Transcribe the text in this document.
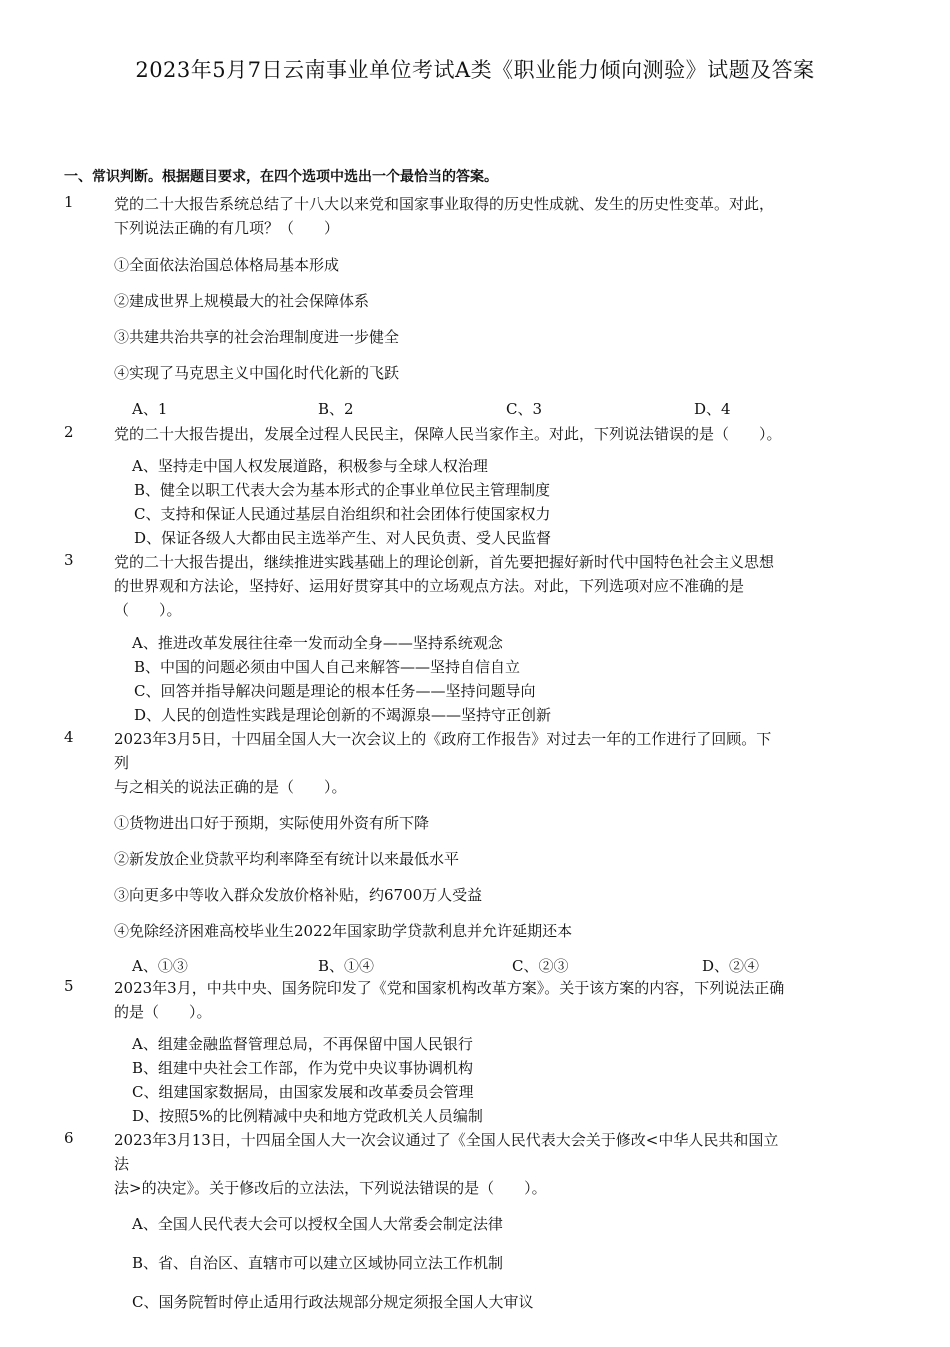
2023年5月7日云南事业单位考试A类《职业能力倾向测验》试题及答案
一、常识判断。根据题目要求，在四个选项中选出一个最恰当的答案。
1	党的二十大报告系统总结了十八大以来党和国家事业取得的历史性成就、发生的历史性变革。对此，
下列说法正确的有几项？（　　）
①全面依法治国总体格局基本形成
②建成世界上规模最大的社会保障体系
③共建共治共享的社会治理制度进一步健全
④实现了马克思主义中国化时代化新的飞跃
A、1	B、2	C、3	D、4
2	党的二十大报告提出，发展全过程人民民主，保障人民当家作主。对此，下列说法错误的是（　　）。
A、坚持走中国人权发展道路，积极参与全球人权治理
B、健全以职工代表大会为基本形式的企事业单位民主管理制度
C、支持和保证人民通过基层自治组织和社会团体行使国家权力
D、保证各级人大都由民主选举产生、对人民负责、受人民监督
3	党的二十大报告提出，继续推进实践基础上的理论创新，首先要把握好新时代中国特色社会主义思想
的世界观和方法论，坚持好、运用好贯穿其中的立场观点方法。对此，下列选项对应不准确的是
（　　）。
A、推进改革发展往往牵一发而动全身——坚持系统观念
B、中国的问题必须由中国人自己来解答——坚持自信自立
C、回答并指导解决问题是理论的根本任务——坚持问题导向
D、人民的创造性实践是理论创新的不竭源泉——坚持守正创新
4	2023年3月5日，十四届全国人大一次会议上的《政府工作报告》对过去一年的工作进行了回顾。下
列
与之相关的说法正确的是（　　）。
①货物进出口好于预期，实际使用外资有所下降
②新发放企业贷款平均利率降至有统计以来最低水平
③向更多中等收入群众发放价格补贴，约6700万人受益
④免除经济困难高校毕业生2022年国家助学贷款利息并允许延期还本
A、①③	B、①④	C、②③	D、②④
5	2023年3月，中共中央、国务院印发了《党和国家机构改革方案》。关于该方案的内容，下列说法正确
的是（　　）。
A、组建金融监督管理总局，不再保留中国人民银行
B、组建中央社会工作部，作为党中央议事协调机构
C、组建国家数据局，由国家发展和改革委员会管理
D、按照5%的比例精减中央和地方党政机关人员编制
6	2023年3月13日，十四届全国人大一次会议通过了《全国人民代表大会关于修改<中华人民共和国立
法
法>的决定》。关于修改后的立法法，下列说法错误的是（　　）。
A、全国人民代表大会可以授权全国人大常委会制定法律
B、省、自治区、直辖市可以建立区域协同立法工作机制
C、国务院暂时停止适用行政法规部分规定须报全国人大审议
